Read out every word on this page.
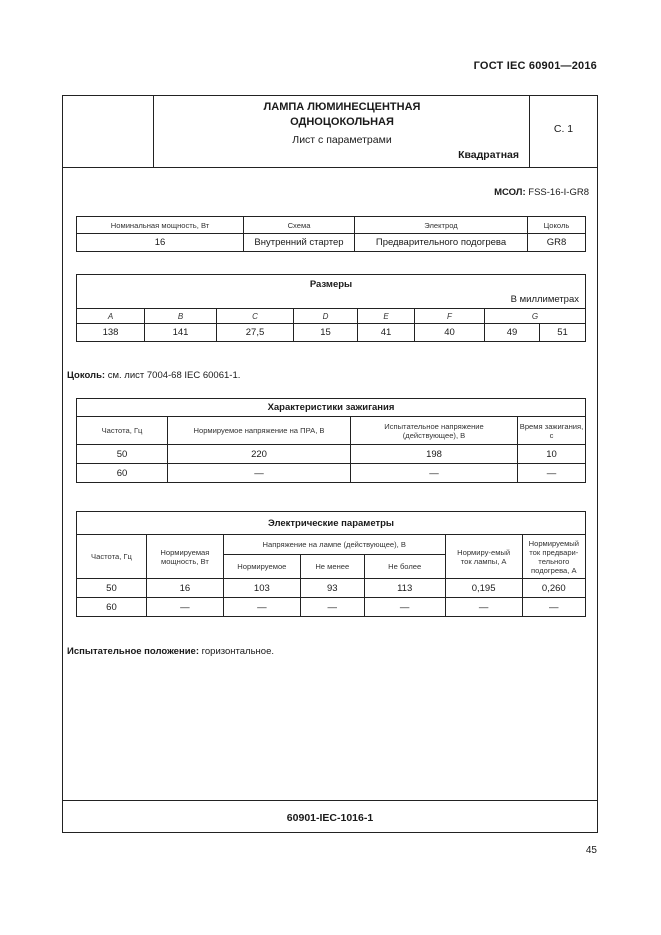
ГОСТ IEC 60901—2016
ЛАМПА ЛЮМИНЕСЦЕНТНАЯ
ОДНОЦОКОЛЬНАЯ
Лист с параметрами
Квадратная
С. 1
МСОЛ: FSS-16-I-GR8
Номинальная мощность, Вт	Схема	Электрод	Цоколь
16	Внутренний стартер	Предварительного подогрева	GR8
Размеры
В миллиметрах							

A	B	C	D	E	F	G	
138	141	27,5	15	41	40	49	51
Цоколь: см. лист 7004-68 IEC 60061-1.
Характеристики зажигания			
Частота, Гц	Нормируемое напряжение на ПРА, В	Испытательное напряжение (действующее), В	Время зажигания, с
50	220	198	10
60	—	—	—
Электрические параметры						
Частота, Гц	Нормируемая мощность, Вт	Напряжение на лампе (действующее), В			Нормиру-емый ток лампы, А	Нормируемый ток предвари-тельного подогрева, А
		Нормируемое	Не менее	Не более		
50	16	103	93	113	0,195	0,260
60	—	—	—	—	—	—
Испытательное положение: горизонтальное.
60901-IEC-1016-1
45
